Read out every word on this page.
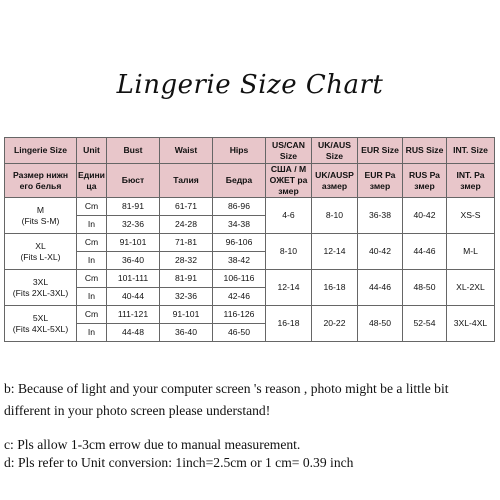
Lingerie Size Chart
Lingerie Size	Unit	Bust	Waist	Hips	US/CAN Size	UK/AUS Size	EUR Size	RUS Size	INT. Size
Размер нижн его белья	Едини ца	Бюст	Талия	Бедра	США / М ОЖЕТ ра змер	UK/AUSP азмер	EUR Ра змер	RUS Ра змер	INT. Ра змер
M
(Fits S-M)	Cm	81-91	61-71	86-96	4-6	8-10	36-38	40-42	XS-S
	In	32-36	24-28	34-38					
XL
(Fits L-XL)	Cm	91-101	71-81	96-106	8-10	12-14	40-42	44-46	M-L
	In	36-40	28-32	38-42					
3XL
(Fits 2XL-3XL)	Cm	101-111	81-91	106-116	12-14	16-18	44-46	48-50	XL-2XL
	In	40-44	32-36	42-46					
5XL
(Fits 4XL-5XL)	Cm	111-121	91-101	116-126	16-18	20-22	48-50	52-54	3XL-4XL
	In	44-48	36-40	46-50					

b: Because of light and your computer screen 's reason , photo might be a little bit different in your photo screen please understand!

c: Pls allow 1-3cm errow due to manual measurement.

d: Pls refer to Unit conversion: 1inch=2.5cm or 1 cm= 0.39 inch
